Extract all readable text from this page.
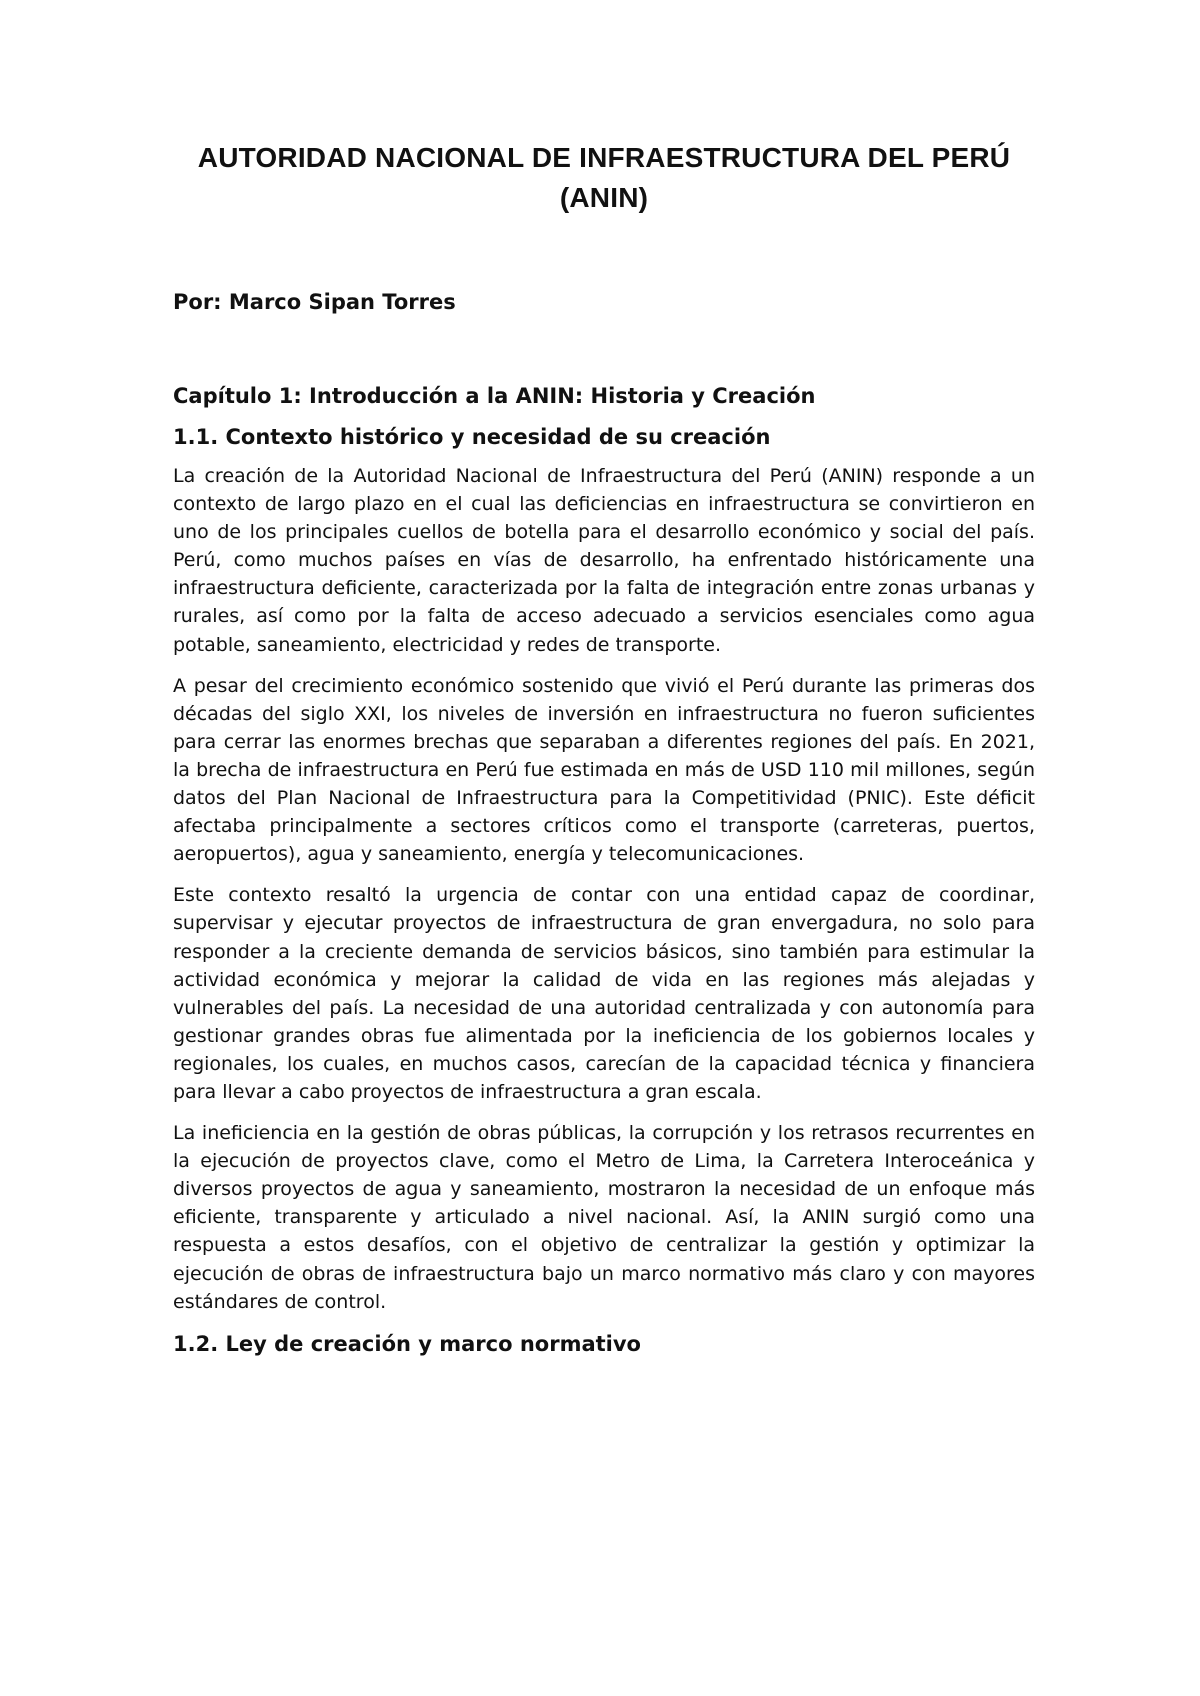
AUTORIDAD NACIONAL DE INFRAESTRUCTURA DEL PERÚ (ANIN)

Por: Marco Sipan Torres

Capítulo 1: Introducción a la ANIN: Historia y Creación
1.1. Contexto histórico y necesidad de su creación

La creación de la Autoridad Nacional de Infraestructura del Perú (ANIN) responde a un contexto de largo plazo en el cual las deficiencias en infraestructura se convirtieron en uno de los principales cuellos de botella para el desarrollo económico y social del país. Perú, como muchos países en vías de desarrollo, ha enfrentado históricamente una infraestructura deficiente, caracterizada por la falta de integración entre zonas urbanas y rurales, así como por la falta de acceso adecuado a servicios esenciales como agua potable, saneamiento, electricidad y redes de transporte.

A pesar del crecimiento económico sostenido que vivió el Perú durante las primeras dos décadas del siglo XXI, los niveles de inversión en infraestructura no fueron suficientes para cerrar las enormes brechas que separaban a diferentes regiones del país. En 2021, la brecha de infraestructura en Perú fue estimada en más de USD 110 mil millones, según datos del Plan Nacional de Infraestructura para la Competitividad (PNIC). Este déficit afectaba principalmente a sectores críticos como el transporte (carreteras, puertos, aeropuertos), agua y saneamiento, energía y telecomunicaciones.

Este contexto resaltó la urgencia de contar con una entidad capaz de coordinar, supervisar y ejecutar proyectos de infraestructura de gran envergadura, no solo para responder a la creciente demanda de servicios básicos, sino también para estimular la actividad económica y mejorar la calidad de vida en las regiones más alejadas y vulnerables del país. La necesidad de una autoridad centralizada y con autonomía para gestionar grandes obras fue alimentada por la ineficiencia de los gobiernos locales y regionales, los cuales, en muchos casos, carecían de la capacidad técnica y financiera para llevar a cabo proyectos de infraestructura a gran escala.

La ineficiencia en la gestión de obras públicas, la corrupción y los retrasos recurrentes en la ejecución de proyectos clave, como el Metro de Lima, la Carretera Interoceánica y diversos proyectos de agua y saneamiento, mostraron la necesidad de un enfoque más eficiente, transparente y articulado a nivel nacional. Así, la ANIN surgió como una respuesta a estos desafíos, con el objetivo de centralizar la gestión y optimizar la ejecución de obras de infraestructura bajo un marco normativo más claro y con mayores estándares de control.

1.2. Ley de creación y marco normativo
